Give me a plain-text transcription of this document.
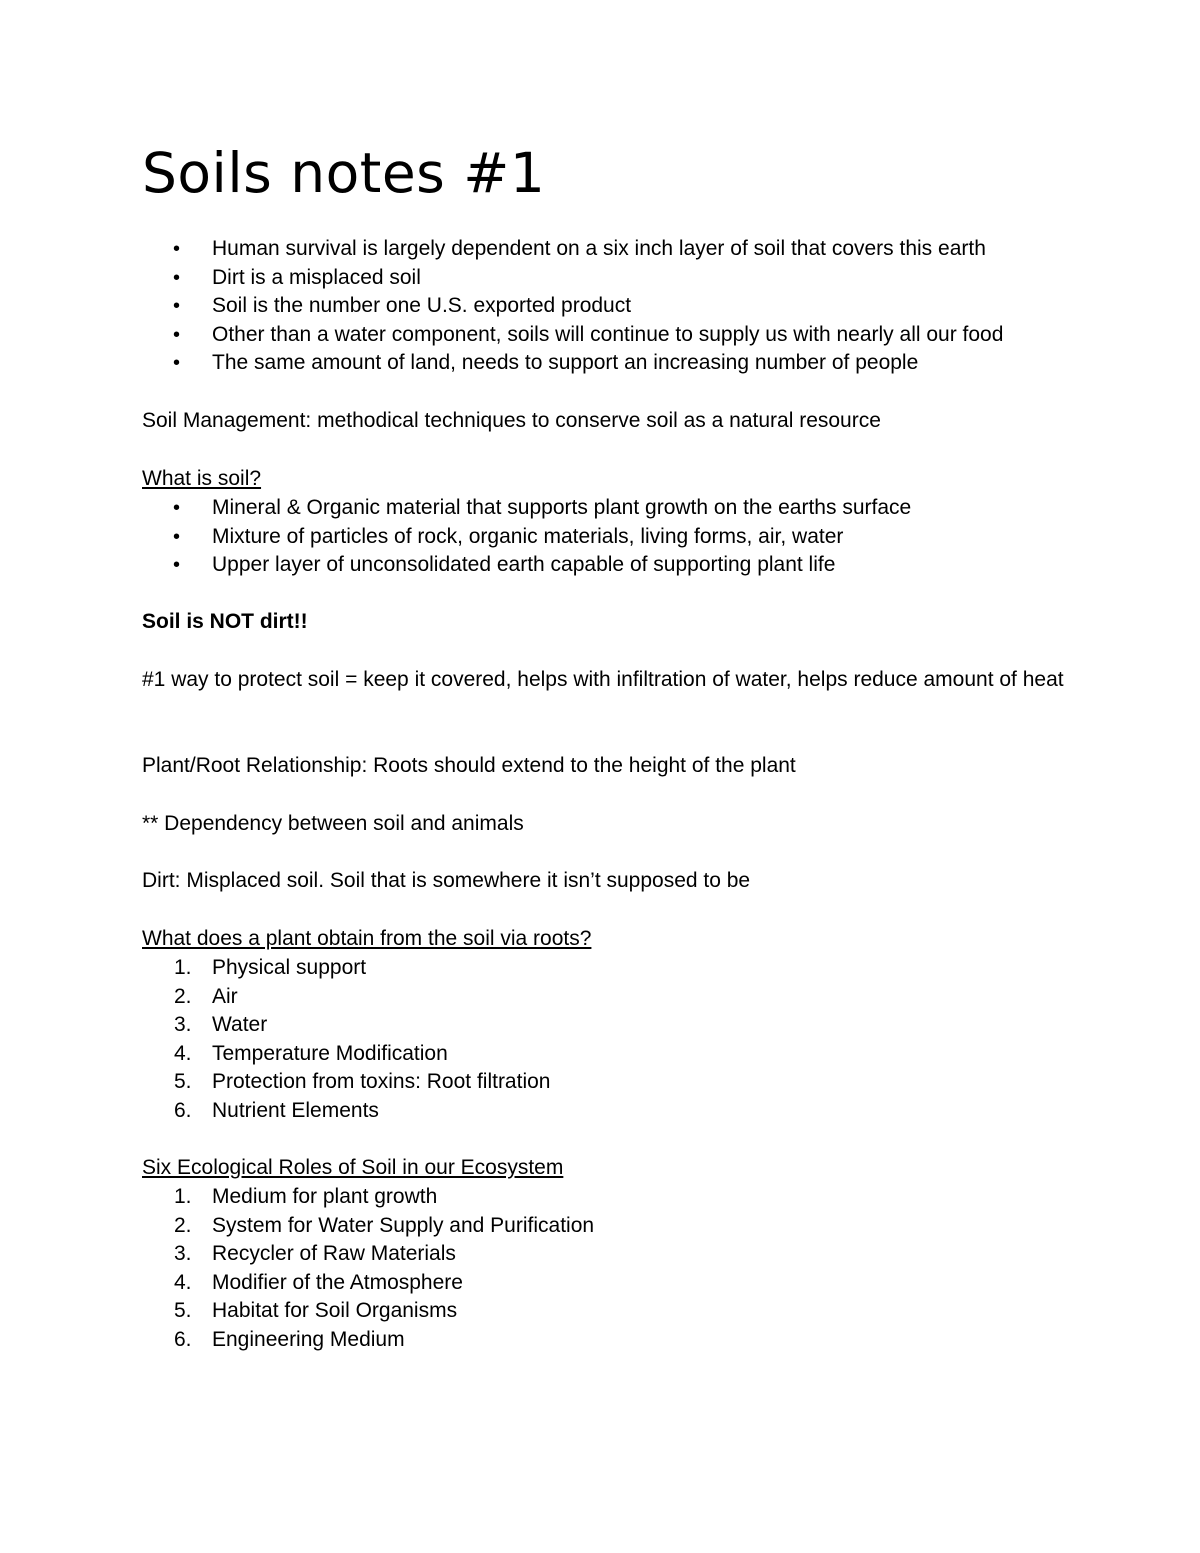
Soils notes #1
• Human survival is largely dependent on a six inch layer of soil that covers this earth
• Dirt is a misplaced soil
• Soil is the number one U.S. exported product
• Other than a water component, soils will continue to supply us with nearly all our food
• The same amount of land, needs to support an increasing number of people

Soil Management: methodical techniques to conserve soil as a natural resource

What is soil?

• Mineral & Organic material that supports plant growth on the earths surface
• Mixture of particles of rock, organic materials, living forms, air, water
• Upper layer of unconsolidated earth capable of supporting plant life

Soil is NOT dirt!!

#1 way to protect soil = keep it covered, helps with infiltration of water, helps reduce amount of heat

Plant/Root Relationship: Roots should extend to the height of the plant

** Dependency between soil and animals

Dirt: Misplaced soil. Soil that is somewhere it isn’t supposed to be

What does a plant obtain from the soil via roots?

1. Physical support
2. Air
3. Water
4. Temperature Modification
5. Protection from toxins: Root filtration
6. Nutrient Elements

Six Ecological Roles of Soil in our Ecosystem

1. Medium for plant growth
2. System for Water Supply and Purification
3. Recycler of Raw Materials
4. Modifier of the Atmosphere
5. Habitat for Soil Organisms
6. Engineering Medium
